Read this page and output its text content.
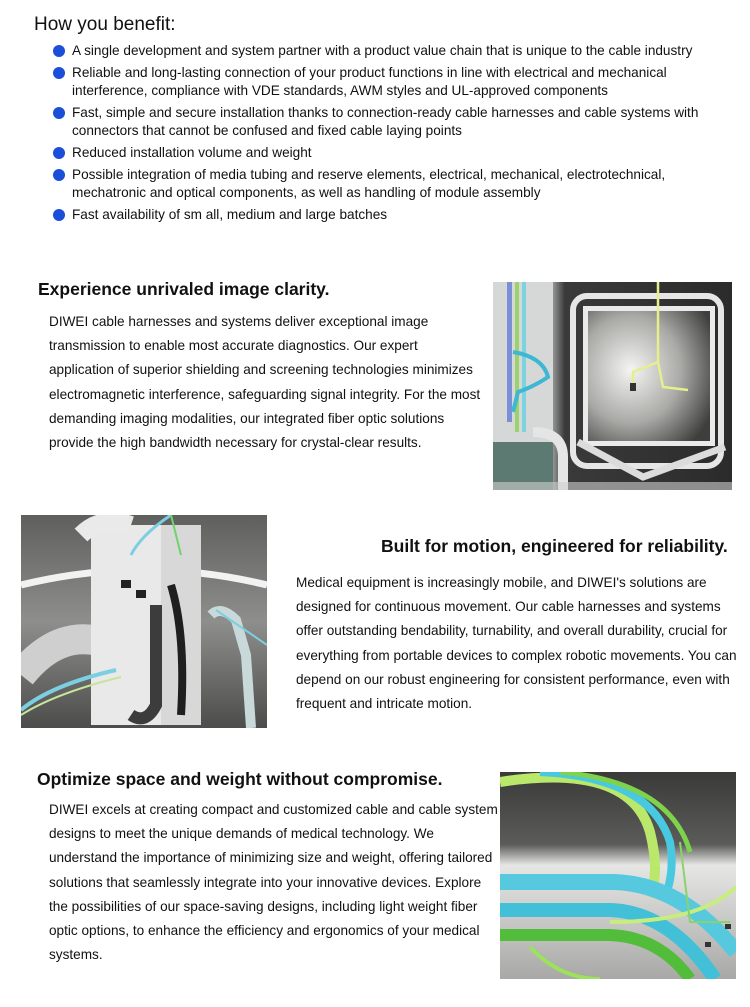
How you benefit:
A single development and system partner with a product value chain that is unique to the cable industry
Reliable and long-lasting connection of your product functions in line with electrical and mechanical interference, compliance with VDE standards, AWM styles and UL-approved components
Fast, simple and secure installation thanks to connection-ready cable harnesses and cable systems with connectors that cannot be confused and fixed cable laying points
Reduced installation volume and weight
Possible integration of media tubing and reserve elements, electrical, mechanical, electrotechnical, mechatronic and optical components, as well as handling of module assembly
Fast availability of sm all, medium and large batches
Experience unrivaled image clarity.

DIWEI cable harnesses and systems deliver exceptional image transmission to enable most accurate diagnostics. Our expert application of superior shielding and screening technologies minimizes electromagnetic interference, safeguarding signal integrity. For the most demanding imaging modalities, our integrated fiber optic solutions provide the high bandwidth necessary for crystal-clear results.

Built for motion, engineered for reliability.

Medical equipment is increasingly mobile, and DIWEI's solutions are designed for continuous movement. Our cable harnesses and systems offer outstanding bendability, turnability, and overall durability, crucial for everything from portable devices to complex robotic movements. You can depend on our robust engineering for consistent performance, even with frequent and intricate motion.

Optimize space and weight without compromise.

DIWEI excels at creating compact and customized cable and cable system designs to meet the unique demands of medical technology. We understand the importance of minimizing size and weight, offering tailored solutions that seamlessly integrate into your innovative devices. Explore the possibilities of our space-saving designs, including light weight fiber optic options, to enhance the efficiency and ergonomics of your medical systems.
